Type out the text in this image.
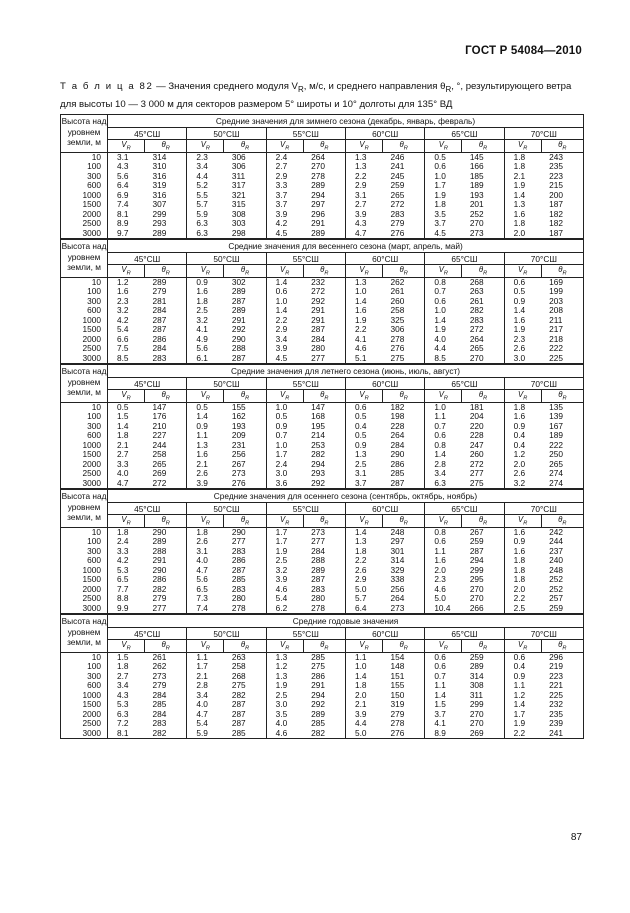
ГОСТ Р 54084—2010
Т а б л и ц а 82 — Значения среднего модуля $V_R$, м/с, и среднего направления $\theta_R$, °, результирующего ветра для высоты 10 — 3 000 м для секторов размером 5° широты и 10° долготы для 135° ВД
Высота над уровнем земли, м	Средние значения для зимнего сезона (декабрь, январь, февраль)											
	45°СШ		50°СШ		55°СШ		60°СШ		65°СШ		70°СШ	
	$V_R$	$\theta_R$	$V_R$	$\theta_R$	$V_R$	$\theta_R$	$V_R$	$\theta_R$	$V_R$	$\theta_R$	$V_R$	$\theta_R$
10	3.1	314	2.3	306	2.4	264	1.3	246	0.5	145	1.8	243
100	4.3	310	3.4	306	2.7	270	1.3	241	0.6	166	1.8	235
300	5.6	316	4.4	311	2.9	278	2.2	245	1.0	185	2.1	223
600	6.4	319	5.2	317	3.3	289	2.9	259	1.7	189	1.9	215
1000	6.9	316	5.5	321	3.7	294	3.1	265	1.9	193	1.4	200
1500	7.4	307	5.7	315	3.7	297	2.7	272	1.8	201	1.3	187
2000	8.1	299	5.9	308	3.9	296	3.9	283	3.5	252	1.6	182
2500	8.9	293	6.3	303	4.2	291	4.3	279	3.7	270	1.8	182
3000	9.7	289	6.3	298	4.5	289	4.7	276	4.5	273	2.0	187
Высота над уровнем земли, м	Средние значения для весеннего сезона (март, апрель, май)											
	45°СШ		50°СШ		55°СШ		60°СШ		65°СШ		70°СШ	
	$V_R$	$\theta_R$	$V_R$	$\theta_R$	$V_R$	$\theta_R$	$V_R$	$\theta_R$	$V_R$	$\theta_R$	$V_R$	$\theta_R$
10	1.2	289	0.9	302	1.4	232	1.3	262	0.8	268	0.6	169
100	1.6	279	1.6	289	0.6	272	1.0	261	0.7	263	0.5	199
300	2.3	281	1.8	287	1.0	292	1.4	260	0.6	261	0.9	203
600	3.2	284	2.5	289	1.4	291	1.6	258	1.0	282	1.4	208
1000	4.2	287	3.2	291	2.2	291	1.9	325	1.4	283	1.6	211
1500	5.4	287	4.1	292	2.9	287	2.2	306	1.9	272	1.9	217
2000	6.6	286	4.9	290	3.4	284	4.1	278	4.0	264	2.3	218
2500	7.5	284	5.6	288	3.9	280	4.6	276	4.4	265	2.6	222
3000	8.5	283	6.1	287	4.5	277	5.1	275	8.5	270	3.0	225
Высота над уровнем земли, м	Средние значения для летнего сезона (июнь, июль, август)											
	45°СШ		50°СШ		55°СШ		60°СШ		65°СШ		70°СШ	
	$V_R$	$\theta_R$	$V_R$	$\theta_R$	$V_R$	$\theta_R$	$V_R$	$\theta_R$	$V_R$	$\theta_R$	$V_R$	$\theta_R$
10	0.5	147	0.5	155	1.0	147	0.6	182	1.0	181	1.8	135
100	1.5	176	1.4	162	0.5	168	0.5	198	1.1	204	1.6	139
300	1.4	210	0.9	193	0.9	195	0.4	228	0.7	220	0.9	167
600	1.8	227	1.1	209	0.7	214	0.5	264	0.6	228	0.4	189
1000	2.1	244	1.3	231	1.0	253	0.9	284	0.8	247	0.4	222
1500	2.7	258	1.6	256	1.7	282	1.3	290	1.4	260	1.2	250
2000	3.3	265	2.1	267	2.4	294	2.5	286	2.8	272	2.0	265
2500	4.0	269	2.6	273	3.0	293	3.1	285	3.4	277	2.6	274
3000	4.7	272	3.9	276	3.6	292	3.7	287	6.3	275	3.2	274
Высота над уровнем земли, м	Средние значения для осеннего сезона (сентябрь, октябрь, ноябрь)											
	45°СШ		50°СШ		55°СШ		60°СШ		65°СШ		70°СШ	
	$V_R$	$\theta_R$	$V_R$	$\theta_R$	$V_R$	$\theta_R$	$V_R$	$\theta_R$	$V_R$	$\theta_R$	$V_R$	$\theta_R$
10	1.8	290	1.8	290	1.7	273	1.4	248	0.8	267	1.6	242
100	2.4	289	2.6	277	1.7	277	1.3	297	0.6	259	0.9	244
300	3.3	288	3.1	283	1.9	284	1.8	301	1.1	287	1.6	237
600	4.2	291	4.0	286	2.5	288	2.2	314	1.6	294	1.8	240
1000	5.3	290	4.7	287	3.2	289	2.6	329	2.0	299	1.8	248
1500	6.5	286	5.6	285	3.9	287	2.9	338	2.3	295	1.8	252
2000	7.7	282	6.5	283	4.6	283	5.0	256	4.6	270	2.0	252
2500	8.8	279	7.3	280	5.4	280	5.7	264	5.0	270	2.2	257
3000	9.9	277	7.4	278	6.2	278	6.4	273	10.4	266	2.5	259
Высота над уровнем земли, м	Средние годовые значения											
	45°СШ		50°СШ		55°СШ		60°СШ		65°СШ		70°СШ	
	$V_R$	$\theta_R$	$V_R$	$\theta_R$	$V_R$	$\theta_R$	$V_R$	$\theta_R$	$V_R$	$\theta_R$	$V_R$	$\theta_R$
10	1.5	261	1.1	263	1.3	285	1.1	154	0.6	259	0.6	296
100	1.8	262	1.7	258	1.2	275	1.0	148	0.6	289	0.4	219
300	2.7	273	2.1	268	1.3	286	1.4	151	0.7	314	0.9	223
600	3.4	279	2.8	275	1.9	291	1.8	155	1.1	308	1.1	221
1000	4.3	284	3.4	282	2.5	294	2.0	150	1.4	311	1.2	225
1500	5.3	285	4.0	287	3.0	292	2.1	319	1.5	299	1.4	232
2000	6.3	284	4.7	287	3.5	289	3.9	279	3.7	270	1.7	235
2500	7.2	283	5.4	287	4.0	285	4.4	278	4.1	270	1.9	239
3000	8.1	282	5.9	285	4.6	282	5.0	276	8.9	269	2.2	241
87
